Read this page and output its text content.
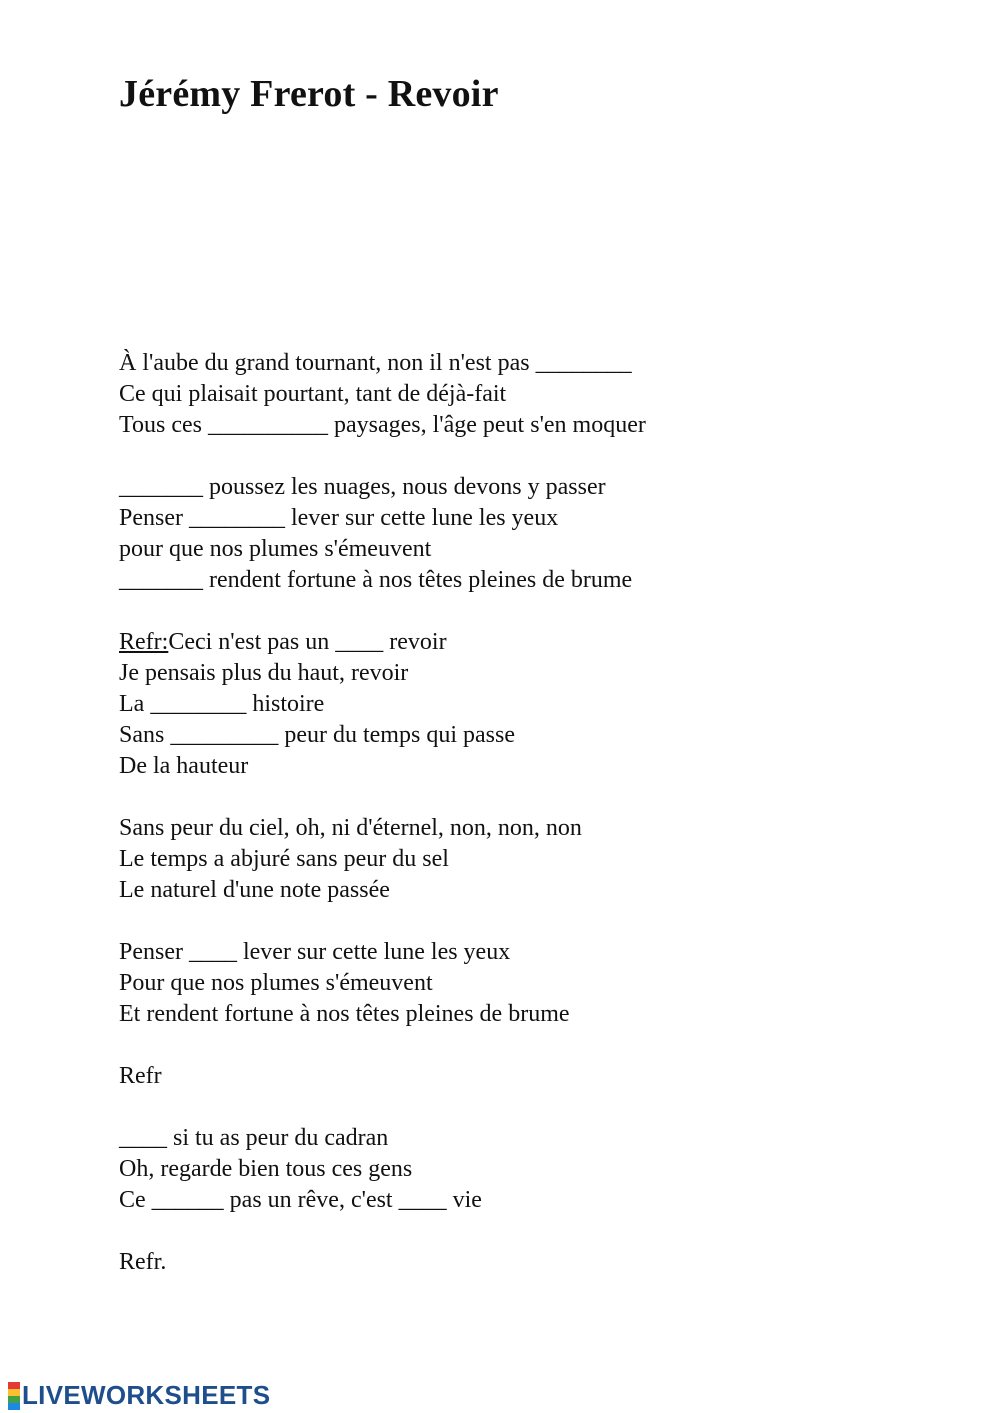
Jérémy Frerot - Revoir
À l'aube du grand tournant, non il n'est pas ________
Ce qui plaisait pourtant, tant de déjà-fait
Tous ces __________ paysages, l'âge peut s'en moquer
_______ poussez les nuages, nous devons y passer
Penser ________ lever sur cette lune les yeux
pour que nos plumes s'émeuvent
_______ rendent fortune à nos têtes pleines de brume
Refr:Ceci n'est pas un ____ revoir
Je pensais plus du haut, revoir
La ________ histoire
Sans _________ peur du temps qui passe
De la hauteur
Sans peur du ciel, oh, ni d'éternel, non, non, non
Le temps a abjuré sans peur du sel
Le naturel d'une note passée
Penser ____ lever sur cette lune les yeux
Pour que nos plumes s'émeuvent
Et rendent fortune à nos têtes pleines de brume
Refr
____ si tu as peur du cadran
Oh, regarde bien tous ces gens
Ce ______ pas un rêve, c'est ____ vie
Refr.
LIVEWORKSHEETS
